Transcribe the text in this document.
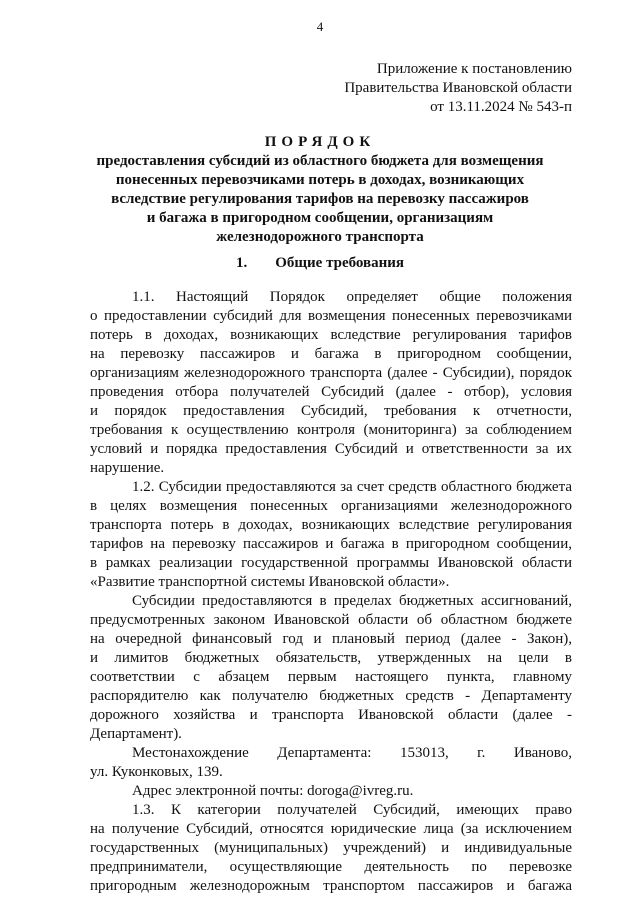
4
Приложение к постановлению
Правительства Ивановской области
от 13.11.2024 № 543-п
ПОРЯДОК
предоставления субсидий из областного бюджета для возмещения
понесенных перевозчиками потерь в доходах, возникающих
вследствие регулирования тарифов на перевозку пассажиров
и багажа в пригородном сообщении, организациям
железнодорожного транспорта
1. Общие требования
1.1. Настоящий Порядок определяет общие положения
о предоставлении субсидий для возмещения понесенных перевозчиками
потерь в доходах, возникающих вследствие регулирования тарифов
на перевозку пассажиров и багажа в пригородном сообщении,
организациям железнодорожного транспорта (далее - Субсидии), порядок
проведения отбора получателей Субсидий (далее - отбор), условия
и порядок предоставления Субсидий, требования к отчетности,
требования к осуществлению контроля (мониторинга) за соблюдением
условий и порядка предоставления Субсидий и ответственности за их
нарушение.
1.2. Субсидии предоставляются за счет средств областного бюджета
в целях возмещения понесенных организациями железнодорожного
транспорта потерь в доходах, возникающих вследствие регулирования
тарифов на перевозку пассажиров и багажа в пригородном сообщении,
в рамках реализации государственной программы Ивановской области
«Развитие транспортной системы Ивановской области».
Субсидии предоставляются в пределах бюджетных ассигнований,
предусмотренных законом Ивановской области об областном бюджете
на очередной финансовый год и плановый период (далее - Закон),
и лимитов бюджетных обязательств, утвержденных на цели в
соответствии с абзацем первым настоящего пункта, главному
распорядителю как получателю бюджетных средств - Департаменту
дорожного хозяйства и транспорта Ивановской области (далее -
Департамент).
Местонахождение Департамента: 153013, г. Иваново,
ул. Куконковых, 139.
Адрес электронной почты: doroga@ivreg.ru.
1.3. К категории получателей Субсидий, имеющих право
на получение Субсидий, относятся юридические лица (за исключением
государственных (муниципальных) учреждений) и индивидуальные
предприниматели, осуществляющие деятельность по перевозке
пригородным железнодорожным транспортом пассажиров и багажа
